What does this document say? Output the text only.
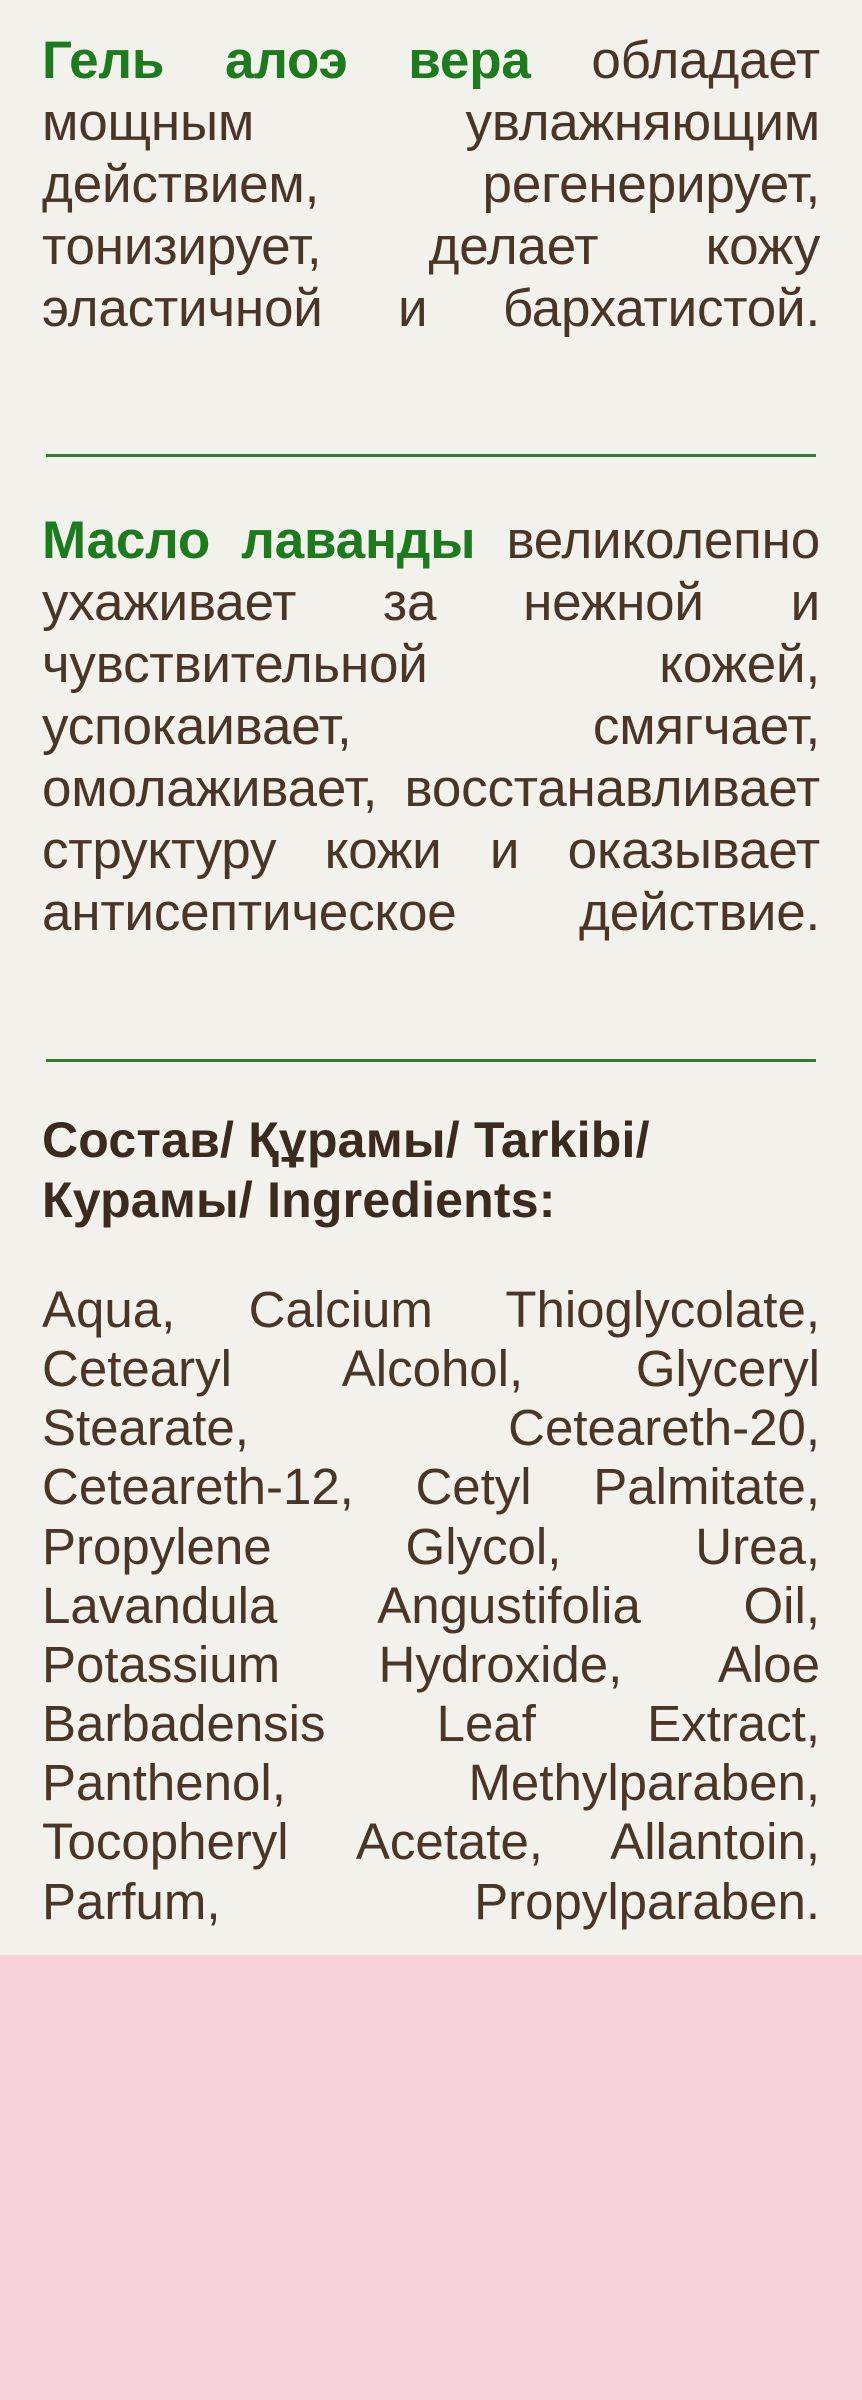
Гель алоэ вера обладает мощным увлажняющим действием, регенерирует, тонизирует, делает кожу эластичной и бархатистой.

Масло лаванды великолепно ухаживает за нежной и чувствительной кожей, успокаивает, смягчает, омолаживает, восстанавливает структуру кожи и оказывает антисептическое действие.

Состав/ Құрамы/ Tarkibi/ Курамы/ Ingredients:

Aqua, Calcium Thioglycolate, Cetearyl Alcohol, Glyceryl Stearate, Ceteareth-20, Ceteareth-12, Cetyl Palmitate, Propylene Glycol, Urea, Lavandula Angustifolia Oil, Potassium Hydroxide, Aloe Barbadensis Leaf Extract, Panthenol, Methylparaben, Tocopheryl Acetate, Allantoin, Parfum, Propylparaben.
